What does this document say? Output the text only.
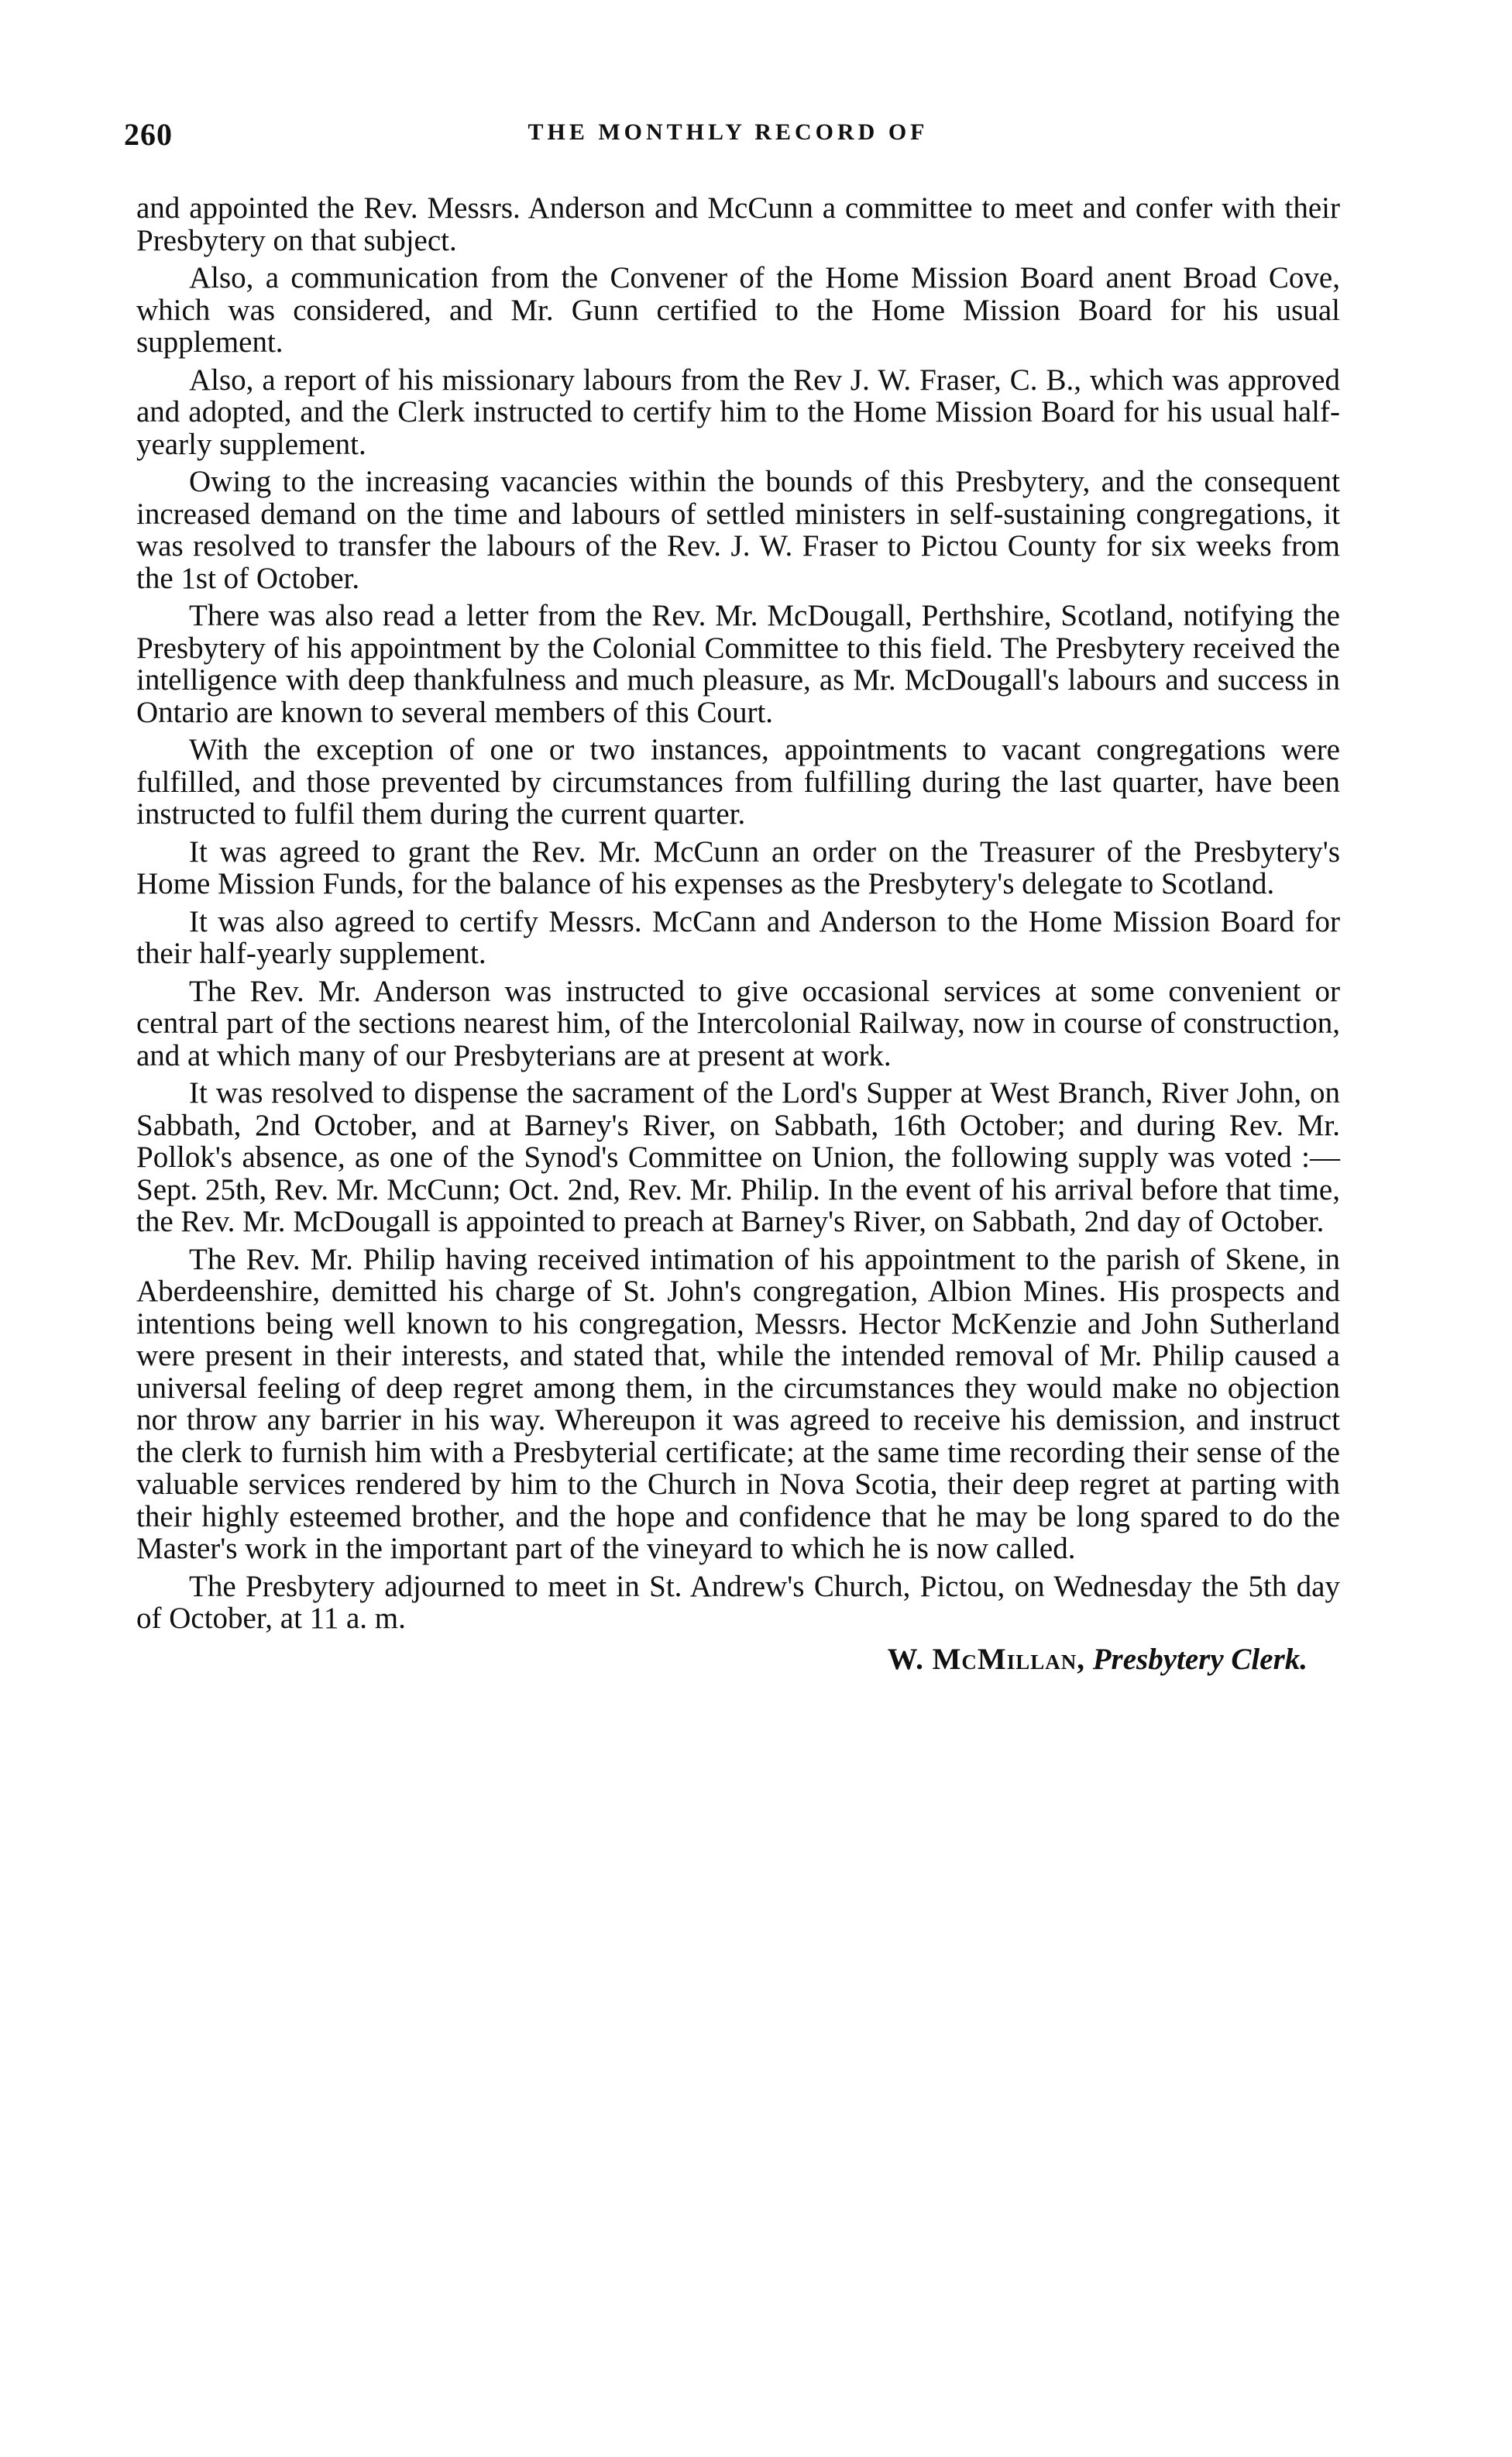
260	THE MONTHLY RECORD OF

and appointed the Rev. Messrs. Anderson and McCunn a committee to meet and confer with their Presbytery on that subject.

Also, a communication from the Convener of the Home Mission Board anent Broad Cove, which was considered, and Mr. Gunn certified to the Home Mission Board for his usual supplement.

Also, a report of his missionary labours from the Rev J. W. Fraser, C. B., which was approved and adopted, and the Clerk instructed to certify him to the Home Mission Board for his usual half-yearly supplement.

Owing to the increasing vacancies within the bounds of this Presbytery, and the consequent increased demand on the time and labours of settled ministers in self-sustaining congregations, it was resolved to transfer the labours of the Rev. J. W. Fraser to Pictou County for six weeks from the 1st of October.

There was also read a letter from the Rev. Mr. McDougall, Perthshire, Scotland, notifying the Presbytery of his appointment by the Colonial Committee to this field. The Presbytery received the intelligence with deep thankfulness and much pleasure, as Mr. McDougall's labours and success in Ontario are known to several members of this Court.

With the exception of one or two instances, appointments to vacant congregations were fulfilled, and those prevented by circumstances from fulfilling during the last quarter, have been instructed to fulfil them during the current quarter.

It was agreed to grant the Rev. Mr. McCunn an order on the Treasurer of the Presbytery's Home Mission Funds, for the balance of his expenses as the Presbytery's delegate to Scotland.

It was also agreed to certify Messrs. McCann and Anderson to the Home Mission Board for their half-yearly supplement.

The Rev. Mr. Anderson was instructed to give occasional services at some convenient or central part of the sections nearest him, of the Intercolonial Railway, now in course of construction, and at which many of our Presbyterians are at present at work.

It was resolved to dispense the sacrament of the Lord's Supper at West Branch, River John, on Sabbath, 2nd October, and at Barney's River, on Sabbath, 16th October; and during Rev. Mr. Pollok's absence, as one of the Synod's Committee on Union, the following supply was voted :—Sept. 25th, Rev. Mr. McCunn; Oct. 2nd, Rev. Mr. Philip. In the event of his arrival before that time, the Rev. Mr. McDougall is appointed to preach at Barney's River, on Sabbath, 2nd day of October.

The Rev. Mr. Philip having received intimation of his appointment to the parish of Skene, in Aberdeenshire, demitted his charge of St. John's congregation, Albion Mines. His prospects and intentions being well known to his congregation, Messrs. Hector McKenzie and John Sutherland were present in their interests, and stated that, while the intended removal of Mr. Philip caused a universal feeling of deep regret among them, in the circumstances they would make no objection nor throw any barrier in his way. Whereupon it was agreed to receive his demission, and instruct the clerk to furnish him with a Presbyterial certificate; at the same time recording their sense of the valuable services rendered by him to the Church in Nova Scotia, their deep regret at parting with their highly esteemed brother, and the hope and confidence that he may be long spared to do the Master's work in the important part of the vineyard to which he is now called.

The Presbytery adjourned to meet in St. Andrew's Church, Pictou, on Wednesday the 5th day of October, at 11 a. m.

W. McMillan, Presbytery Clerk.
